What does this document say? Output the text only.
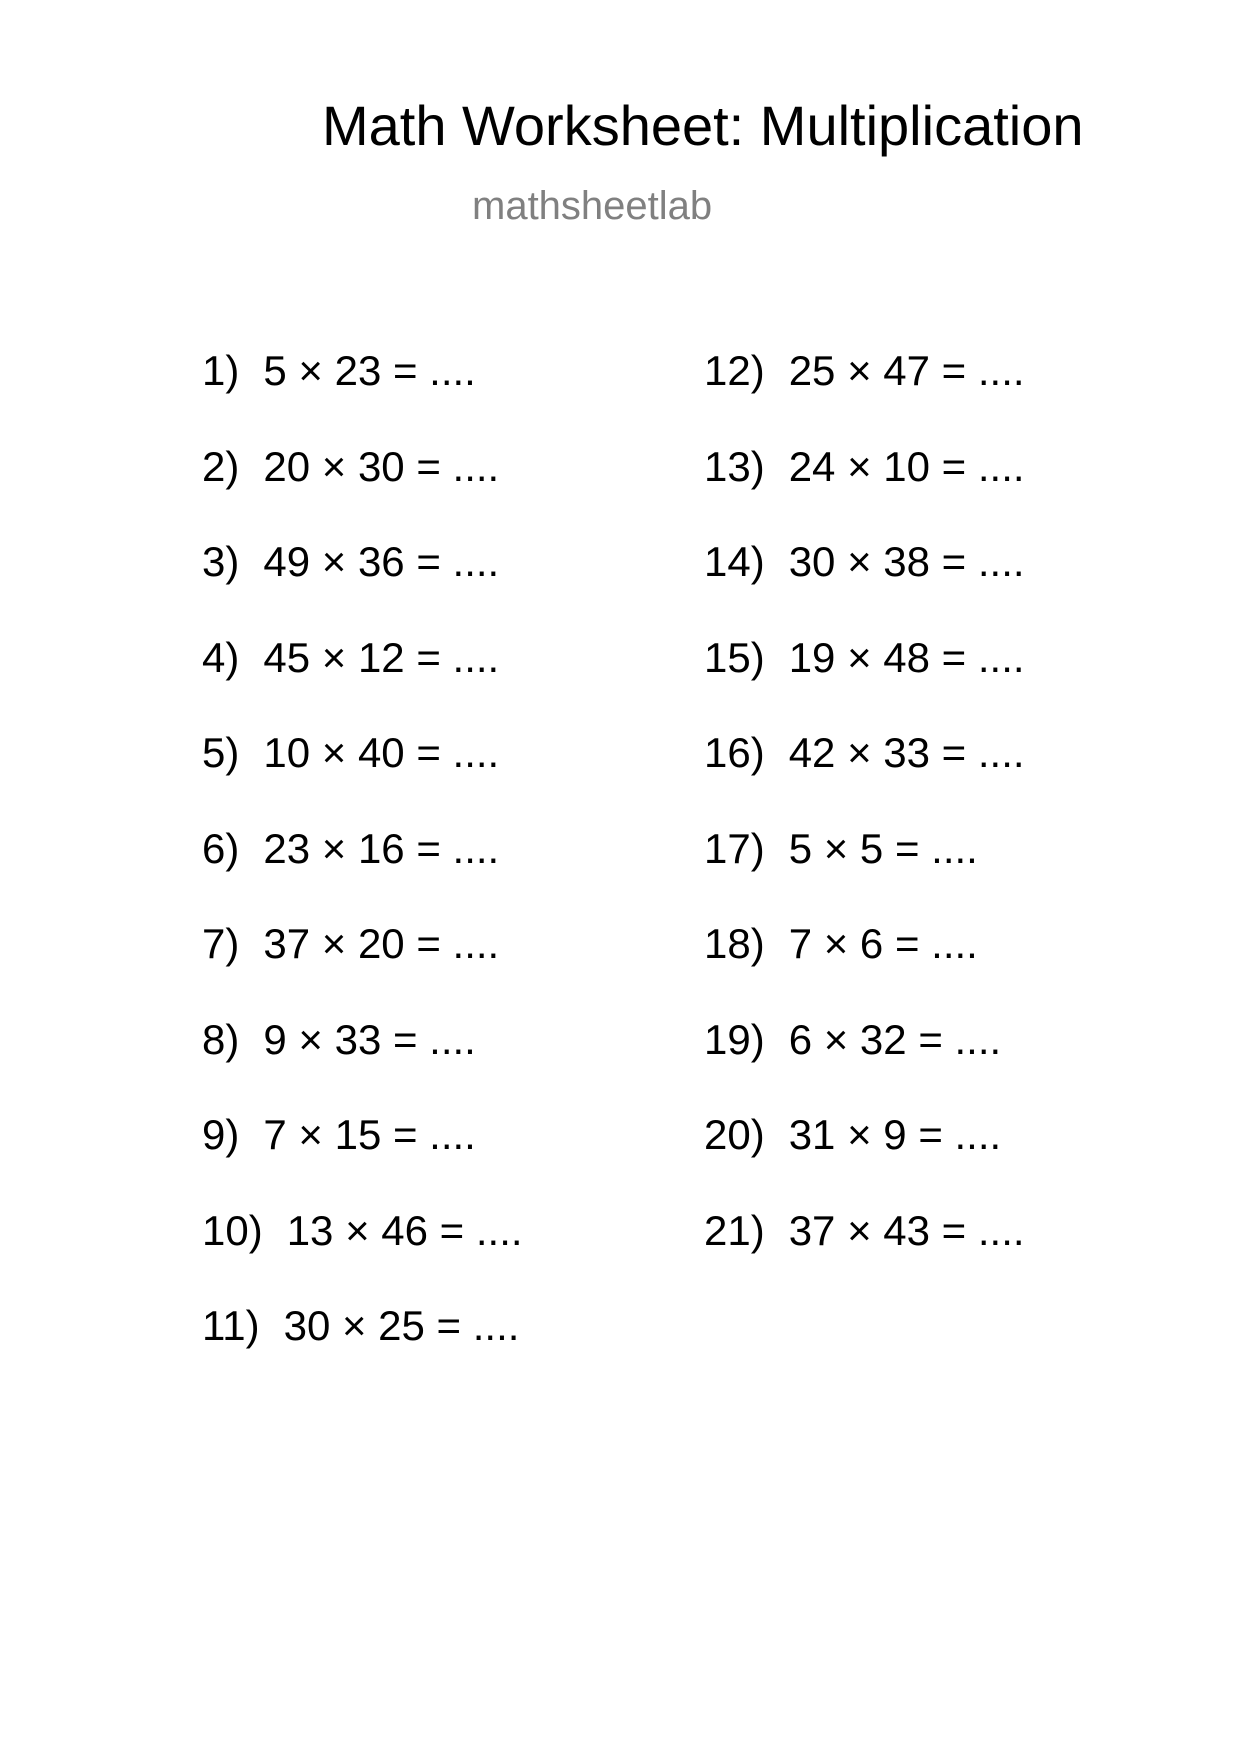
Math Worksheet: Multiplication
mathsheetlab
1) 5 × 23 = ....
2) 20 × 30 = ....
3) 49 × 36 = ....
4) 45 × 12 = ....
5) 10 × 40 = ....
6) 23 × 16 = ....
7) 37 × 20 = ....
8) 9 × 33 = ....
9) 7 × 15 = ....
10) 13 × 46 = ....
11) 30 × 25 = ....
12) 25 × 47 = ....
13) 24 × 10 = ....
14) 30 × 38 = ....
15) 19 × 48 = ....
16) 42 × 33 = ....
17) 5 × 5 = ....
18) 7 × 6 = ....
19) 6 × 32 = ....
20) 31 × 9 = ....
21) 37 × 43 = ....
